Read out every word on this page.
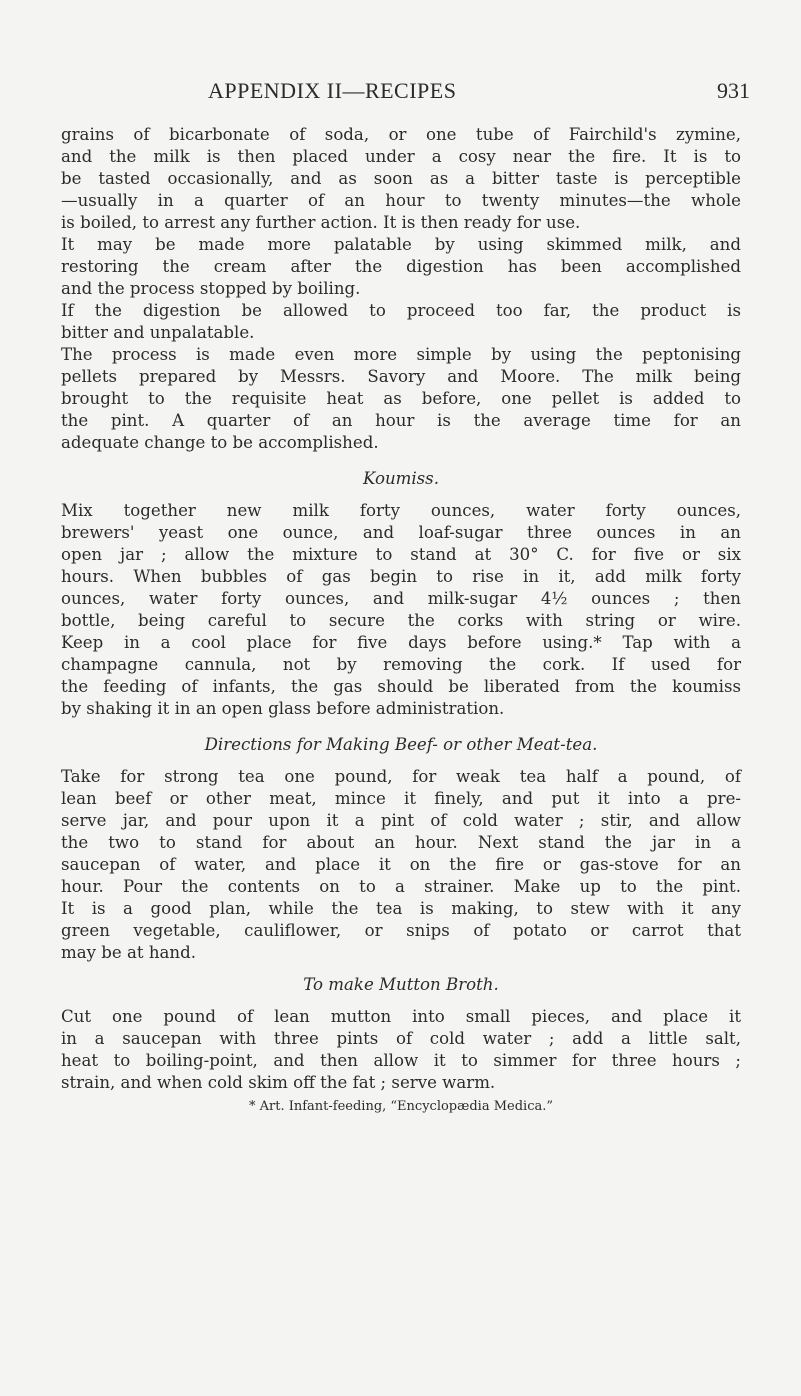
APPENDIX II—RECIPES	931
grains of bicarbonate of soda, or one tube of Fairchild's zymine,
and the milk is then placed under a cosy near the fire. It is to
be tasted occasionally, and as soon as a bitter taste is perceptible
—usually in a quarter of an hour to twenty minutes—the whole
is boiled, to arrest any further action. It is then ready for use.
It may be made more palatable by using skimmed milk, and
restoring the cream after the digestion has been accomplished
and the process stopped by boiling.
If the digestion be allowed to proceed too far, the product is
bitter and unpalatable.
The process is made even more simple by using the peptonising
pellets prepared by Messrs. Savory and Moore. The milk being
brought to the requisite heat as before, one pellet is added to
the pint. A quarter of an hour is the average time for an
adequate change to be accomplished.
Koumiss.
Mix together new milk forty ounces, water forty ounces,
brewers' yeast one ounce, and loaf-sugar three ounces in an
open jar ; allow the mixture to stand at 30° C. for five or six
hours. When bubbles of gas begin to rise in it, add milk forty
ounces, water forty ounces, and milk-sugar 4½ ounces ; then
bottle, being careful to secure the corks with string or wire.
Keep in a cool place for five days before using.* Tap with a
champagne cannula, not by removing the cork. If used for
the feeding of infants, the gas should be liberated from the koumiss
by shaking it in an open glass before administration.
Directions for Making Beef- or other Meat-tea.
Take for strong tea one pound, for weak tea half a pound, of
lean beef or other meat, mince it finely, and put it into a pre-
serve jar, and pour upon it a pint of cold water ; stir, and allow
the two to stand for about an hour. Next stand the jar in a
saucepan of water, and place it on the fire or gas-stove for an
hour. Pour the contents on to a strainer. Make up to the pint.
It is a good plan, while the tea is making, to stew with it any
green vegetable, cauliflower, or snips of potato or carrot that
may be at hand.
To make Mutton Broth.
Cut one pound of lean mutton into small pieces, and place it
in a saucepan with three pints of cold water ; add a little salt,
heat to boiling-point, and then allow it to simmer for three hours ;
strain, and when cold skim off the fat ; serve warm.
* Art. Infant-feeding, “Encyclopædia Medica.”
